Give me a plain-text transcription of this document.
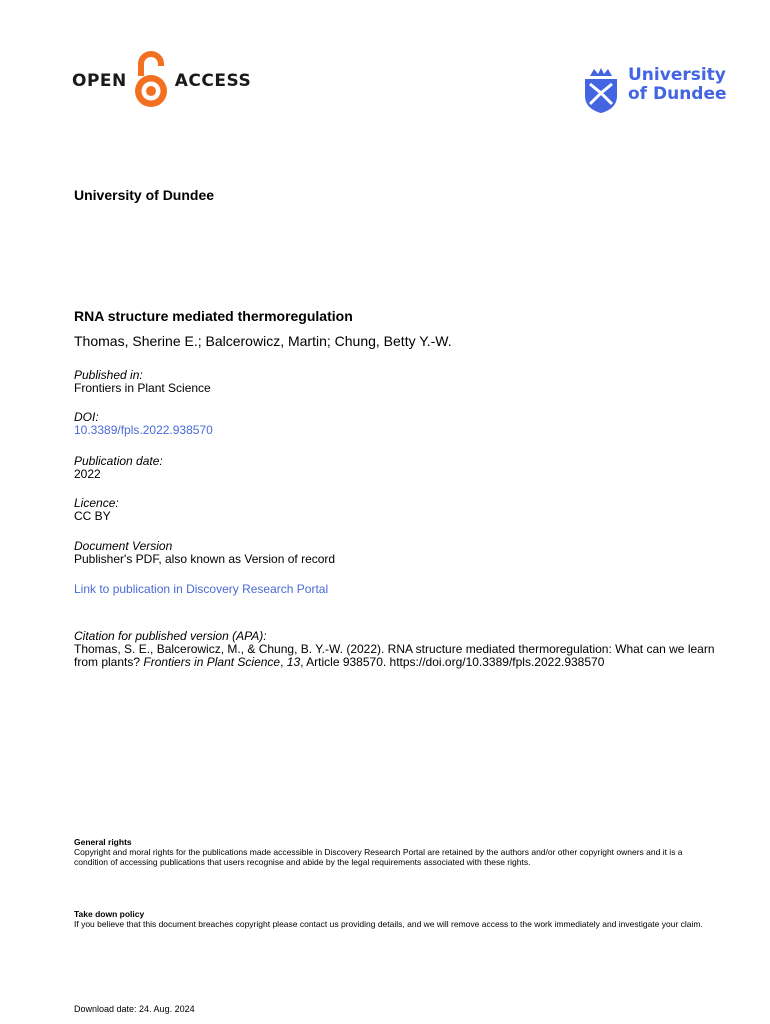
OPEN	ACCESS	University
of Dundee
University of Dundee
RNA structure mediated thermoregulation
Thomas, Sherine E.; Balcerowicz, Martin; Chung, Betty Y.-W.
Published in:
Frontiers in Plant Science
DOI:
10.3389/fpls.2022.938570
Publication date:
2022
Licence:
CC BY
Document Version
Publisher's PDF, also known as Version of record
Link to publication in Discovery Research Portal
Citation for published version (APA):
Thomas, S. E., Balcerowicz, M., & Chung, B. Y.-W. (2022). RNA structure mediated thermoregulation: What can we learn from plants? Frontiers in Plant Science, 13, Article 938570. https://doi.org/10.3389/fpls.2022.938570
General rights
Copyright and moral rights for the publications made accessible in Discovery Research Portal are retained by the authors and/or other copyright owners and it is a condition of accessing publications that users recognise and abide by the legal requirements associated with these rights.
Take down policy
If you believe that this document breaches copyright please contact us providing details, and we will remove access to the work immediately and investigate your claim.
Download date: 24. Aug. 2024
